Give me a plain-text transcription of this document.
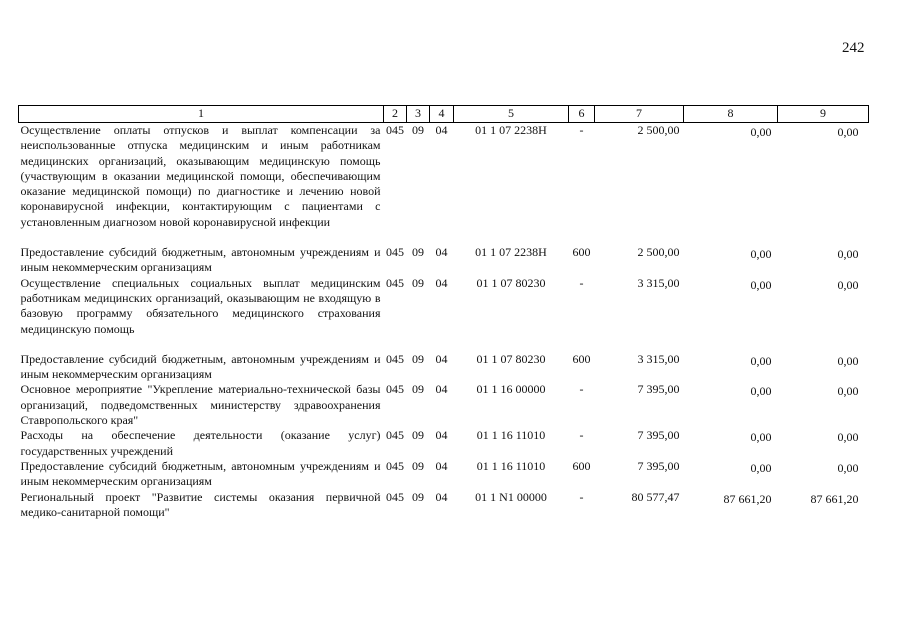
242
1	2	3	4	5	6	7	8	9
Осуществление оплаты отпусков и выплат компенсации за неиспользованные отпуска медицинским и иным работникам медицинских организаций, оказывающим медицинскую помощь (участвующим в оказании медицинской помощи, обеспечивающим оказание медицинской помощи) по диагностике и лечению новой коронавирусной инфекции, контактирующим с пациентами с установленным диагнозом новой коронавирусной инфекции	045	09	04	01 1 07 2238Н	-	2 500,00	0,00	0,00
Предоставление субсидий бюджетным, автономным учреждениям и иным некоммерческим организациям	045	09	04	01 1 07 2238Н	600	2 500,00	0,00	0,00
Осуществление специальных социальных выплат медицинским работникам медицинских организаций, оказывающим не входящую в базовую программу обязательного медицинского страхования медицинскую помощь	045	09	04	01 1 07 80230	-	3 315,00	0,00	0,00
Предоставление субсидий бюджетным, автономным учреждениям и иным некоммерческим организациям	045	09	04	01 1 07 80230	600	3 315,00	0,00	0,00
Основное мероприятие "Укрепление материально-технической базы организаций, подведомственных министерству здравоохранения Ставропольского края"	045	09	04	01 1 16 00000	-	7 395,00	0,00	0,00
Расходы на обеспечение деятельности (оказание услуг) государственных учреждений	045	09	04	01 1 16 11010	-	7 395,00	0,00	0,00
Предоставление субсидий бюджетным, автономным учреждениям и иным некоммерческим организациям	045	09	04	01 1 16 11010	600	7 395,00	0,00	0,00
Региональный проект "Развитие системы оказания первичной медико-санитарной помощи"	045	09	04	01 1 N1 00000	-	80 577,47	87 661,20	87 661,20
